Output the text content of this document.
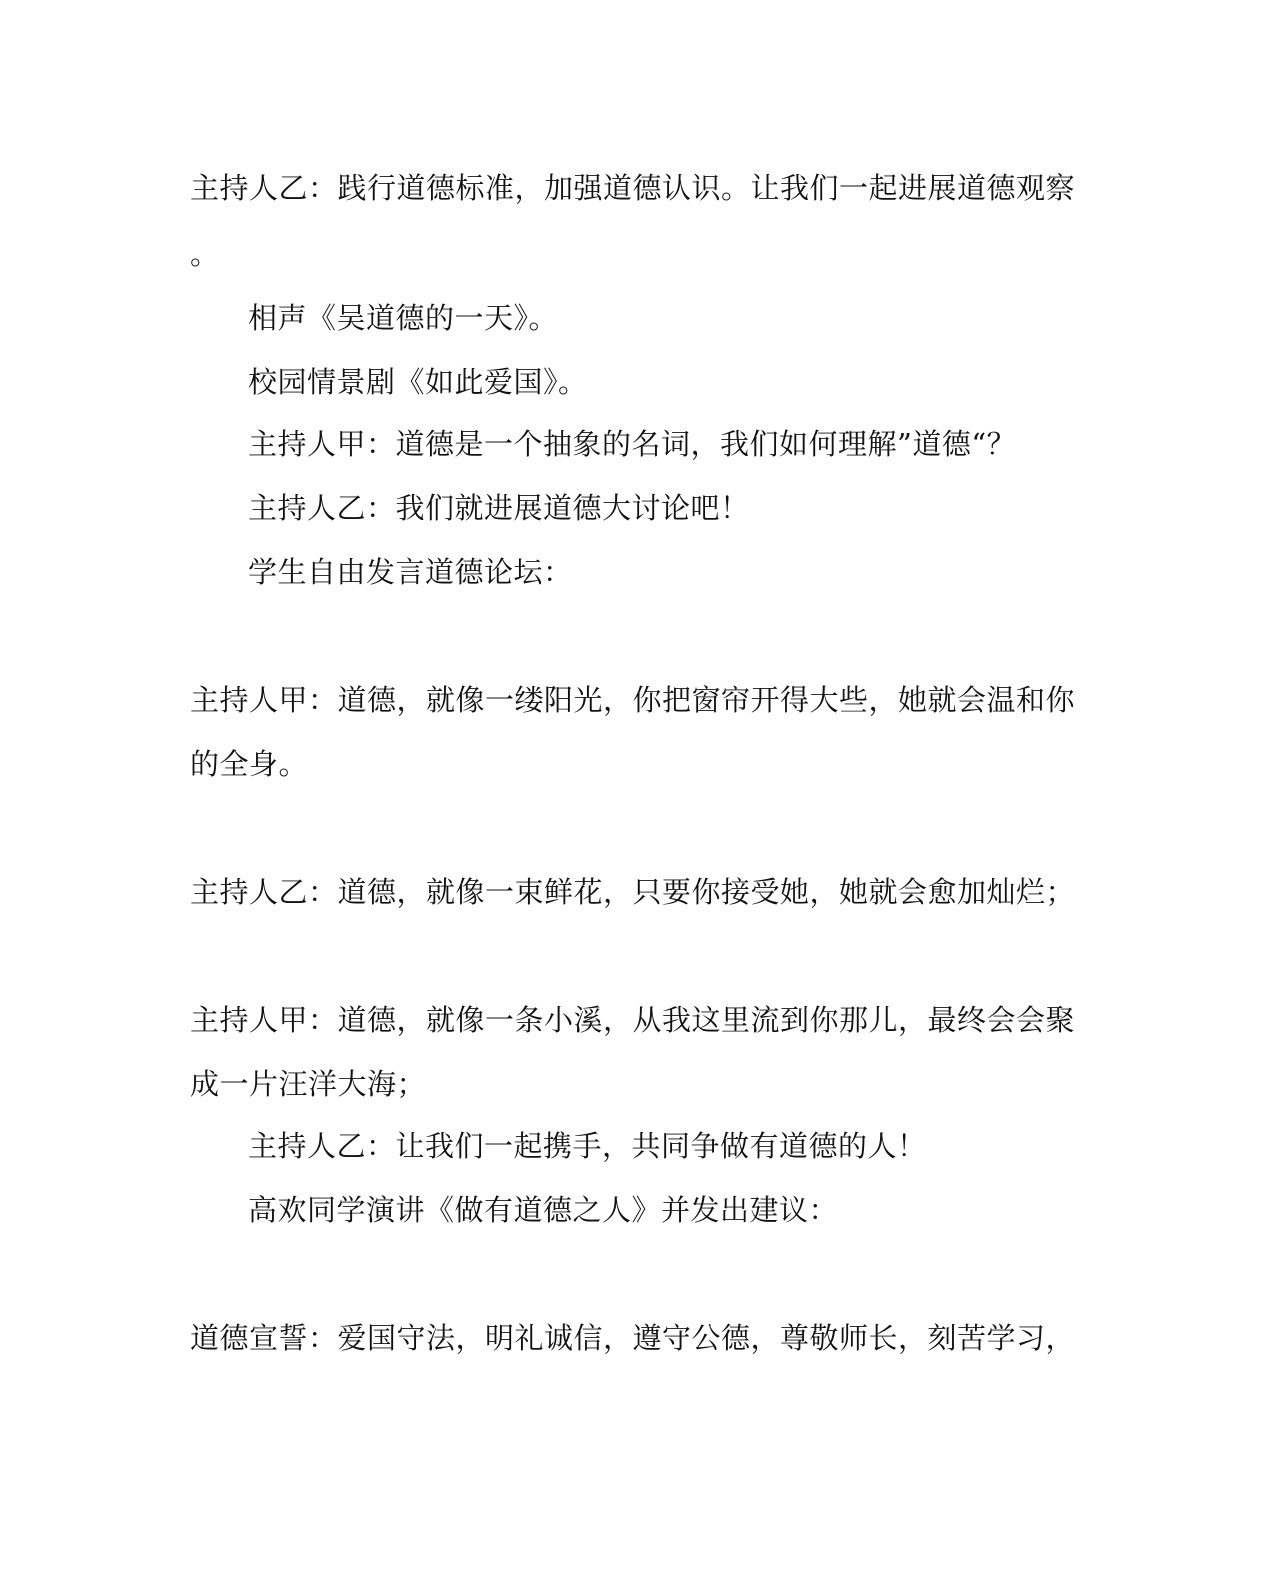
主持人乙：践行道德标准，加强道德认识。让我们一起进展道德观察
。
相声《吴道德的一天》。
校园情景剧《如此爱国》。
主持人甲：道德是一个抽象的名词，我们如何理解”道德“？
主持人乙：我们就进展道德大讨论吧！
学生自由发言道德论坛：
主持人甲：道德，就像一缕阳光，你把窗帘开得大些，她就会温和你
的全身。
主持人乙：道德，就像一束鲜花，只要你接受她，她就会愈加灿烂；
主持人甲：道德，就像一条小溪，从我这里流到你那儿，最终会会聚
成一片汪洋大海；
主持人乙：让我们一起携手，共同争做有道德的人！
高欢同学演讲《做有道德之人》并发出建议：
道德宣誓：爱国守法，明礼诚信，遵守公德，尊敬师长，刻苦学习，
